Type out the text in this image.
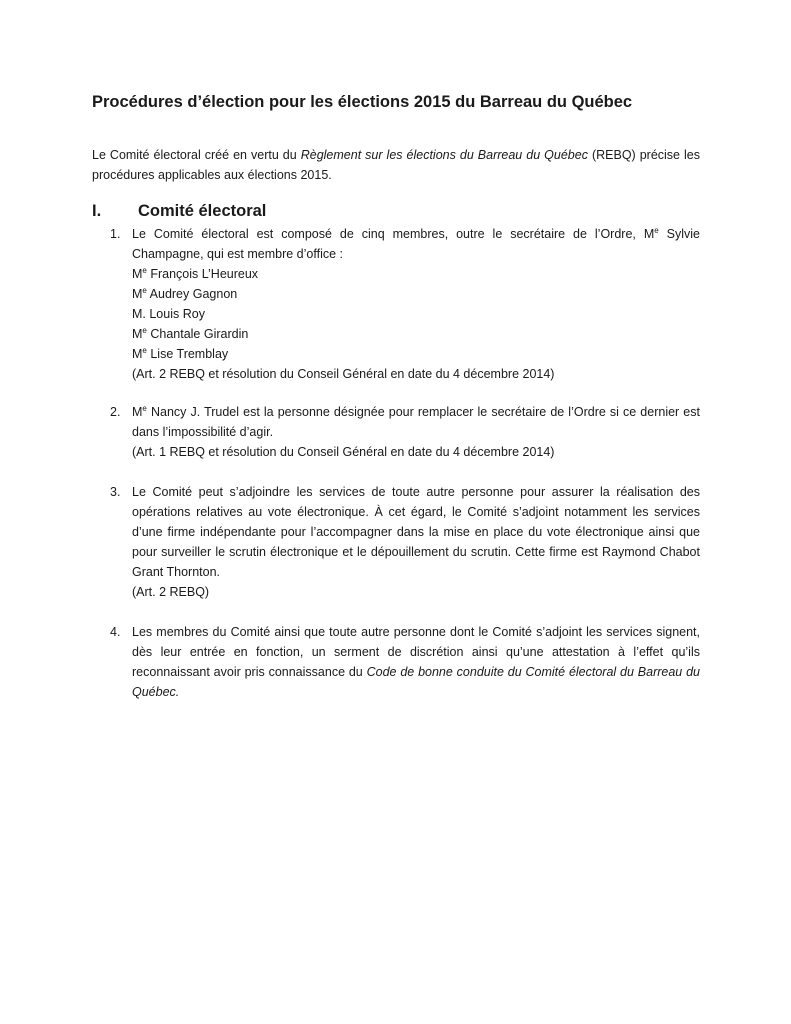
Procédures d’élection pour les élections 2015 du Barreau du Québec
Le Comité électoral créé en vertu du Règlement sur les élections du Barreau du Québec (REBQ) précise les procédures applicables aux élections 2015.
I. Comité électoral
1. Le Comité électoral est composé de cinq membres, outre le secrétaire de l’Ordre, Me Sylvie Champagne, qui est membre d’office :

Me François L’Heureux
Me Audrey Gagnon
M. Louis Roy
Me Chantale Girardin
Me Lise Tremblay
(Art. 2 REBQ et résolution du Conseil Général en date du 4 décembre 2014)
2. Me Nancy J. Trudel est la personne désignée pour remplacer le secrétaire de l’Ordre si ce dernier est dans l’impossibilité d’agir.

(Art. 1 REBQ et résolution du Conseil Général en date du 4 décembre 2014)
3. Le Comité peut s’adjoindre les services de toute autre personne pour assurer la réalisation des opérations relatives au vote électronique. À cet égard, le Comité s’adjoint notamment les services d’une firme indépendante pour l’accompagner dans la mise en place du vote électronique ainsi que pour surveiller le scrutin électronique et le dépouillement du scrutin. Cette firme est Raymond Chabot Grant Thornton.

(Art. 2 REBQ)
4. Les membres du Comité ainsi que toute autre personne dont le Comité s’adjoint les services signent, dès leur entrée en fonction, un serment de discrétion ainsi qu’une attestation à l’effet qu’ils reconnaissant avoir pris connaissance du Code de bonne conduite du Comité électoral du Barreau du Québec.
